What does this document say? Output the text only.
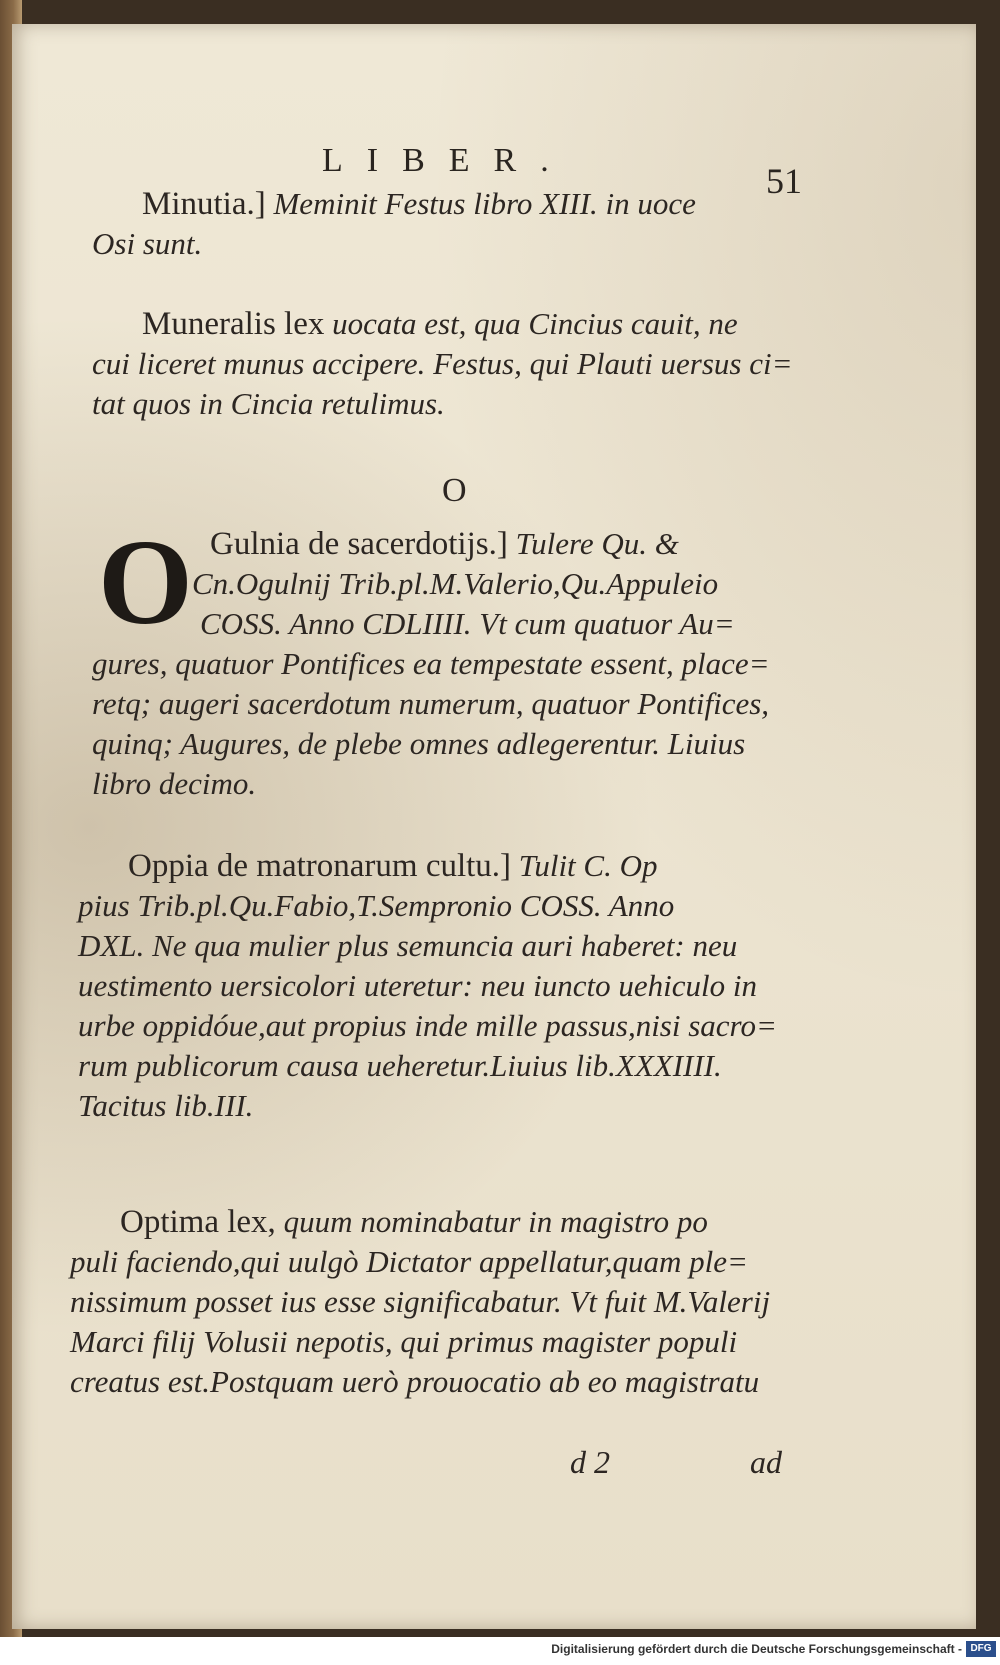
LIBER.
51
Minutia.] Meminit Festus libro XIII. in uoce
Osi sunt.
Muneralis lex uocata est, qua Cincius cauit, ne
cui liceret munus accipere. Festus, qui Plauti uersus ci=
tat quos in Cincia retulimus.
O
O Gulnia de sacerdotijs.] Tulere Qu. &
Cn.Ogulnij Trib.pl.M.Valerio,Qu.Appuleio
COSS. Anno CDLIIII. Vt cum quatuor Au=
gures, quatuor Pontifices ea tempestate essent, place=
retq; augeri sacerdotum numerum, quatuor Pontifices,
quinq; Augures, de plebe omnes adlegerentur. Liuius
libro decimo.
Oppia de matronarum cultu.] Tulit C. Op
pius Trib.pl.Qu.Fabio,T.Sempronio COSS. Anno
DXL. Ne qua mulier plus semuncia auri haberet: neu
uestimento uersicolori uteretur: neu iuncto uehiculo in
urbe oppidóue,aut propius inde mille passus,nisi sacro=
rum publicorum causa ueheretur.Liuius lib.XXXIIII.
Tacitus lib.III.
Optima lex, quum nominabatur in magistro po
puli faciendo,qui uulgò Dictator appellatur,quam ple=
nissimum posset ius esse significabatur. Vt fuit M.Valerij
Marci filij Volusii nepotis, qui primus magister populi
creatus est.Postquam uerò prouocatio ab eo magistratu
d 2	ad
Digitalisierung gefördert durch die Deutsche Forschungsgemeinschaft - DFG
